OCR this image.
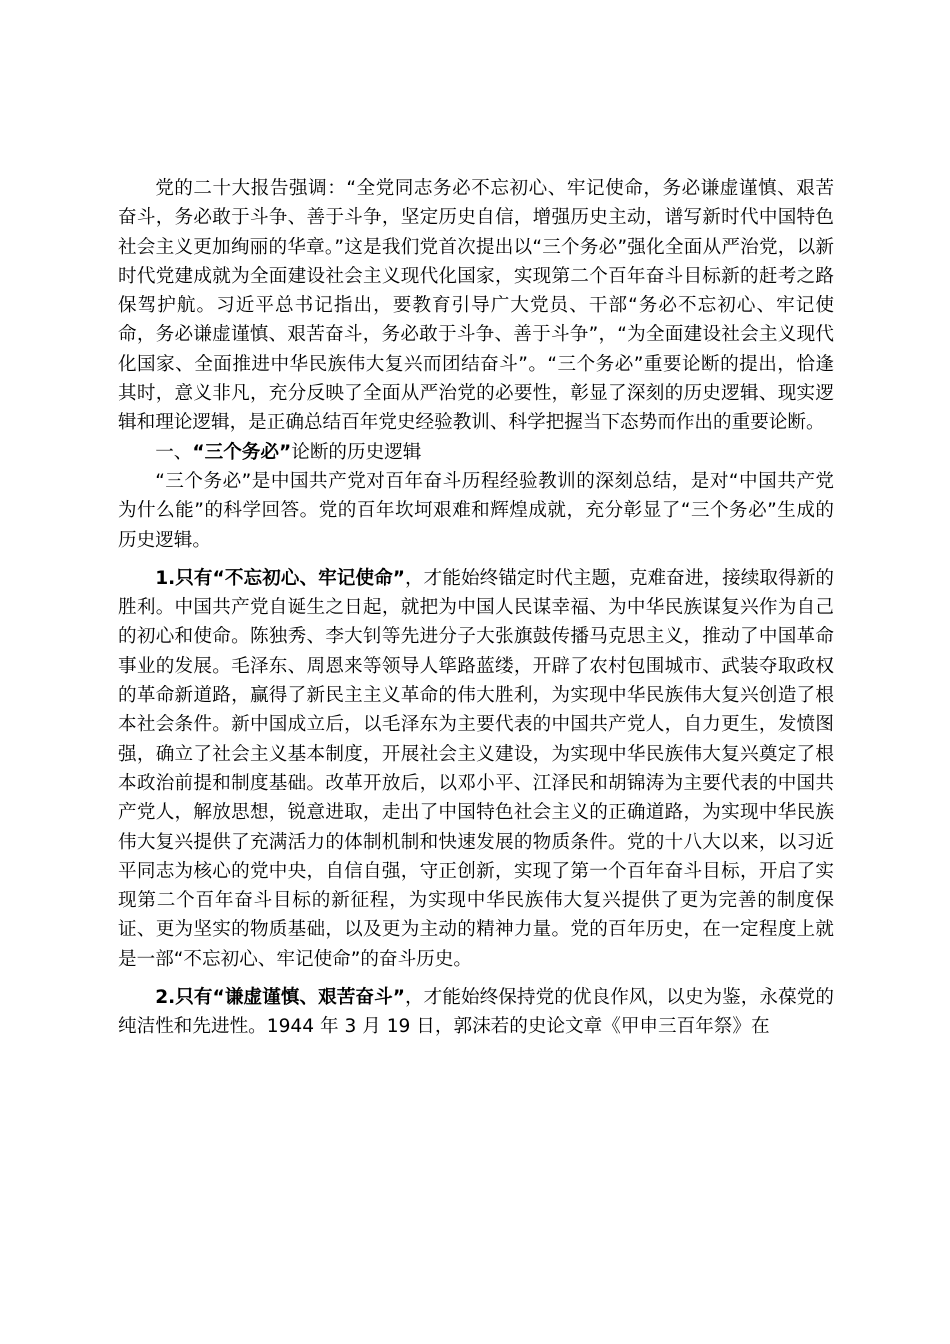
党的二十大报告强调：“全党同志务必不忘初心、牢记使命，务必谦虚谨慎、艰苦奋斗，务必敢于斗争、善于斗争，坚定历史自信，增强历史主动，谱写新时代中国特色社会主义更加绚丽的华章。”这是我们党首次提出以“三个务必”强化全面从严治党，以新时代党建成就为全面建设社会主义现代化国家，实现第二个百年奋斗目标新的赶考之路保驾护航。习近平总书记指出，要教育引导广大党员、干部“务必不忘初心、牢记使命，务必谦虚谨慎、艰苦奋斗，务必敢于斗争、善于斗争”，“为全面建设社会主义现代化国家、全面推进中华民族伟大复兴而团结奋斗”。“三个务必”重要论断的提出，恰逢其时，意义非凡，充分反映了全面从严治党的必要性，彰显了深刻的历史逻辑、现实逻辑和理论逻辑，是正确总结百年党史经验教训、科学把握当下态势而作出的重要论断。

一、“三个务必”论断的历史逻辑

“三个务必”是中国共产党对百年奋斗历程经验教训的深刻总结，是对“中国共产党为什么能”的科学回答。党的百年坎坷艰难和辉煌成就，充分彰显了“三个务必”生成的历史逻辑。

1.只有“不忘初心、牢记使命”，才能始终锚定时代主题，克难奋进，接续取得新的胜利。中国共产党自诞生之日起，就把为中国人民谋幸福、为中华民族谋复兴作为自己的初心和使命。陈独秀、李大钊等先进分子大张旗鼓传播马克思主义，推动了中国革命事业的发展。毛泽东、周恩来等领导人筚路蓝缕，开辟了农村包围城市、武装夺取政权的革命新道路，赢得了新民主主义革命的伟大胜利，为实现中华民族伟大复兴创造了根本社会条件。新中国成立后，以毛泽东为主要代表的中国共产党人，自力更生，发愤图强，确立了社会主义基本制度，开展社会主义建设，为实现中华民族伟大复兴奠定了根本政治前提和制度基础。改革开放后，以邓小平、江泽民和胡锦涛为主要代表的中国共产党人，解放思想，锐意进取，走出了中国特色社会主义的正确道路，为实现中华民族伟大复兴提供了充满活力的体制机制和快速发展的物质条件。党的十八大以来，以习近平同志为核心的党中央，自信自强，守正创新，实现了第一个百年奋斗目标，开启了实现第二个百年奋斗目标的新征程，为实现中华民族伟大复兴提供了更为完善的制度保证、更为坚实的物质基础，以及更为主动的精神力量。党的百年历史，在一定程度上就是一部“不忘初心、牢记使命”的奋斗历史。

2.只有“谦虚谨慎、艰苦奋斗”，才能始终保持党的优良作风，以史为鉴，永葆党的纯洁性和先进性。1944 年 3 月 19 日，郭沫若的史论文章《甲申三百年祭》在
